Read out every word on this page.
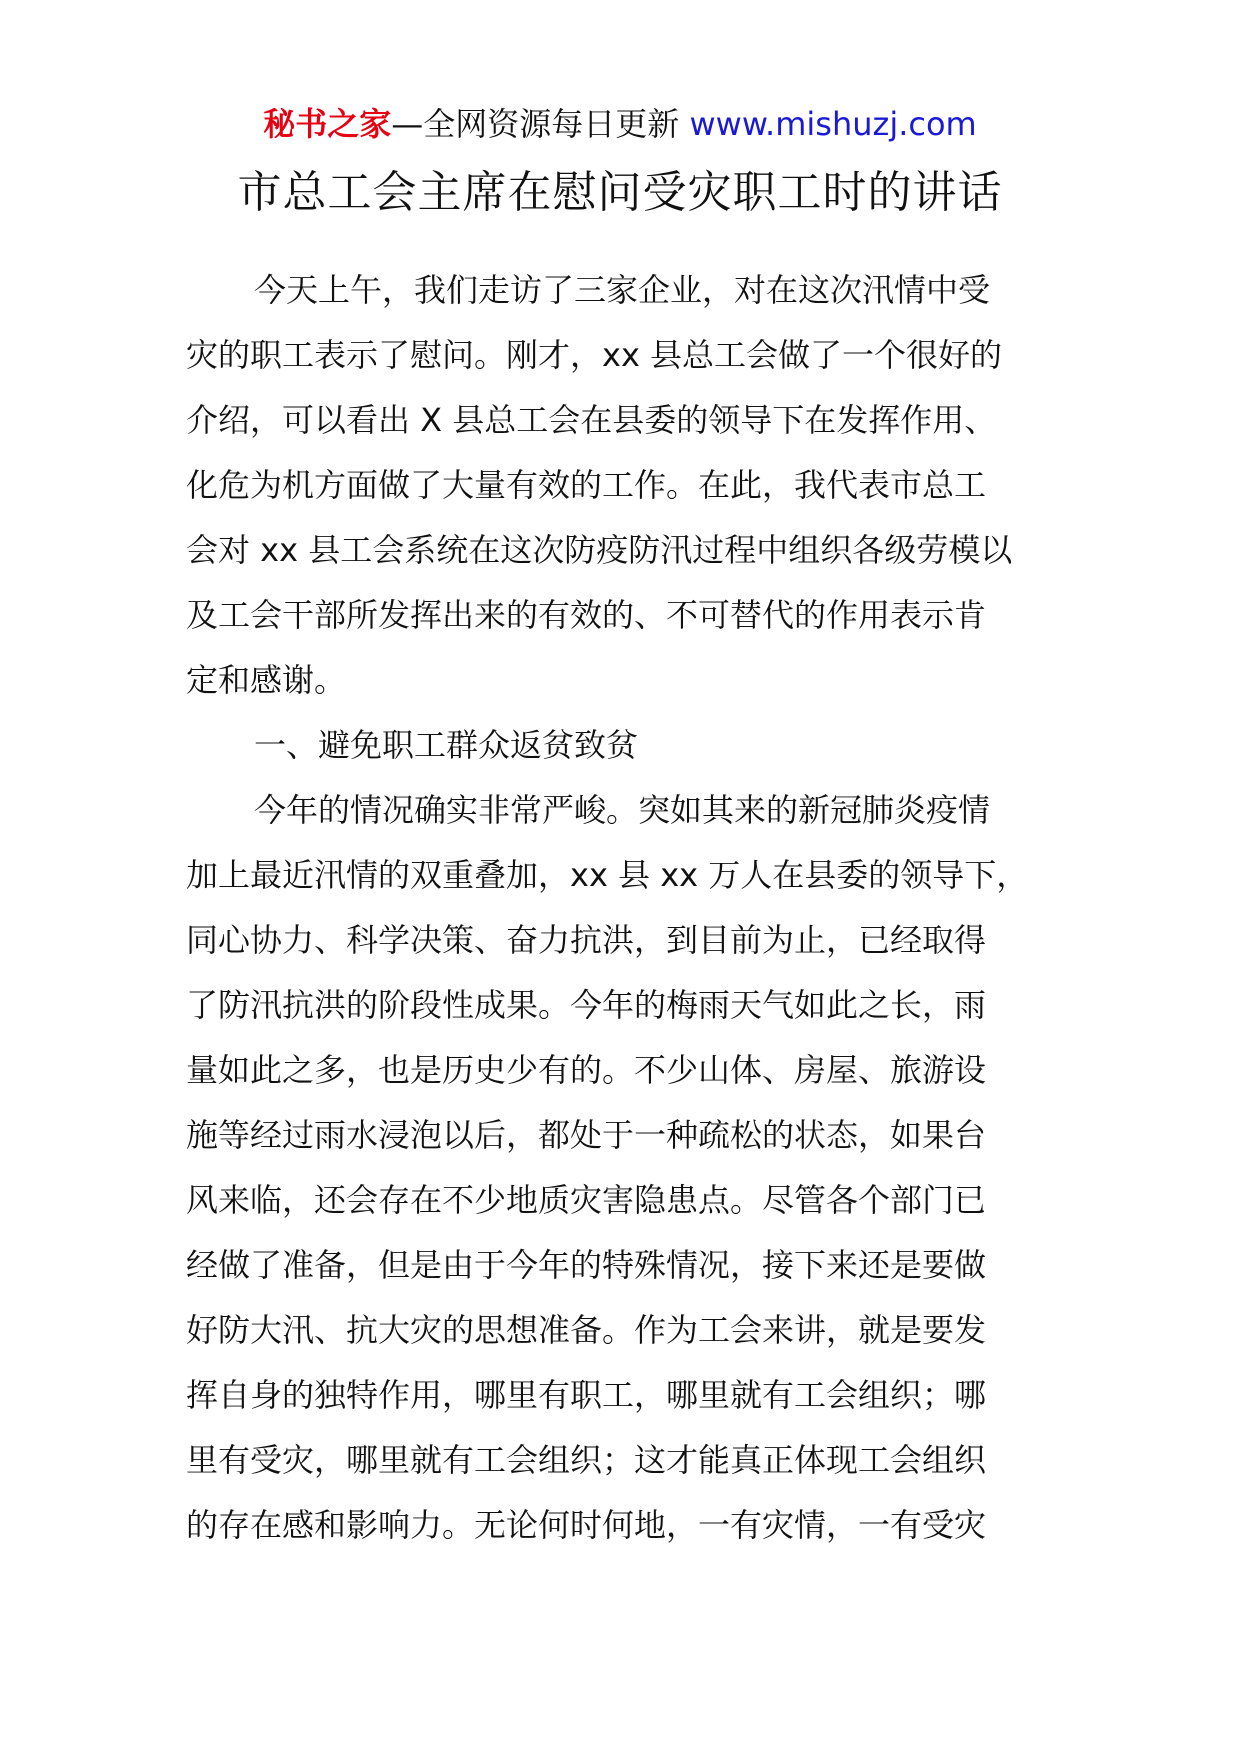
秘书之家—全网资源每日更新 www.mishuzj.com
市总工会主席在慰问受灾职工时的讲话
今天上午，我们走访了三家企业，对在这次汛情中受
灾的职工表示了慰问。刚才，xx 县总工会做了一个很好的
介绍，可以看出 X 县总工会在县委的领导下在发挥作用、
化危为机方面做了大量有效的工作。在此，我代表市总工
会对 xx 县工会系统在这次防疫防汛过程中组织各级劳模以
及工会干部所发挥出来的有效的、不可替代的作用表示肯
定和感谢。
一、避免职工群众返贫致贫
今年的情况确实非常严峻。突如其来的新冠肺炎疫情
加上最近汛情的双重叠加，xx 县 xx 万人在县委的领导下，
同心协力、科学决策、奋力抗洪，到目前为止，已经取得
了防汛抗洪的阶段性成果。今年的梅雨天气如此之长，雨
量如此之多，也是历史少有的。不少山体、房屋、旅游设
施等经过雨水浸泡以后，都处于一种疏松的状态，如果台
风来临，还会存在不少地质灾害隐患点。尽管各个部门已
经做了准备，但是由于今年的特殊情况，接下来还是要做
好防大汛、抗大灾的思想准备。作为工会来讲，就是要发
挥自身的独特作用，哪里有职工，哪里就有工会组织；哪
里有受灾，哪里就有工会组织；这才能真正体现工会组织
的存在感和影响力。无论何时何地，一有灾情，一有受灾
